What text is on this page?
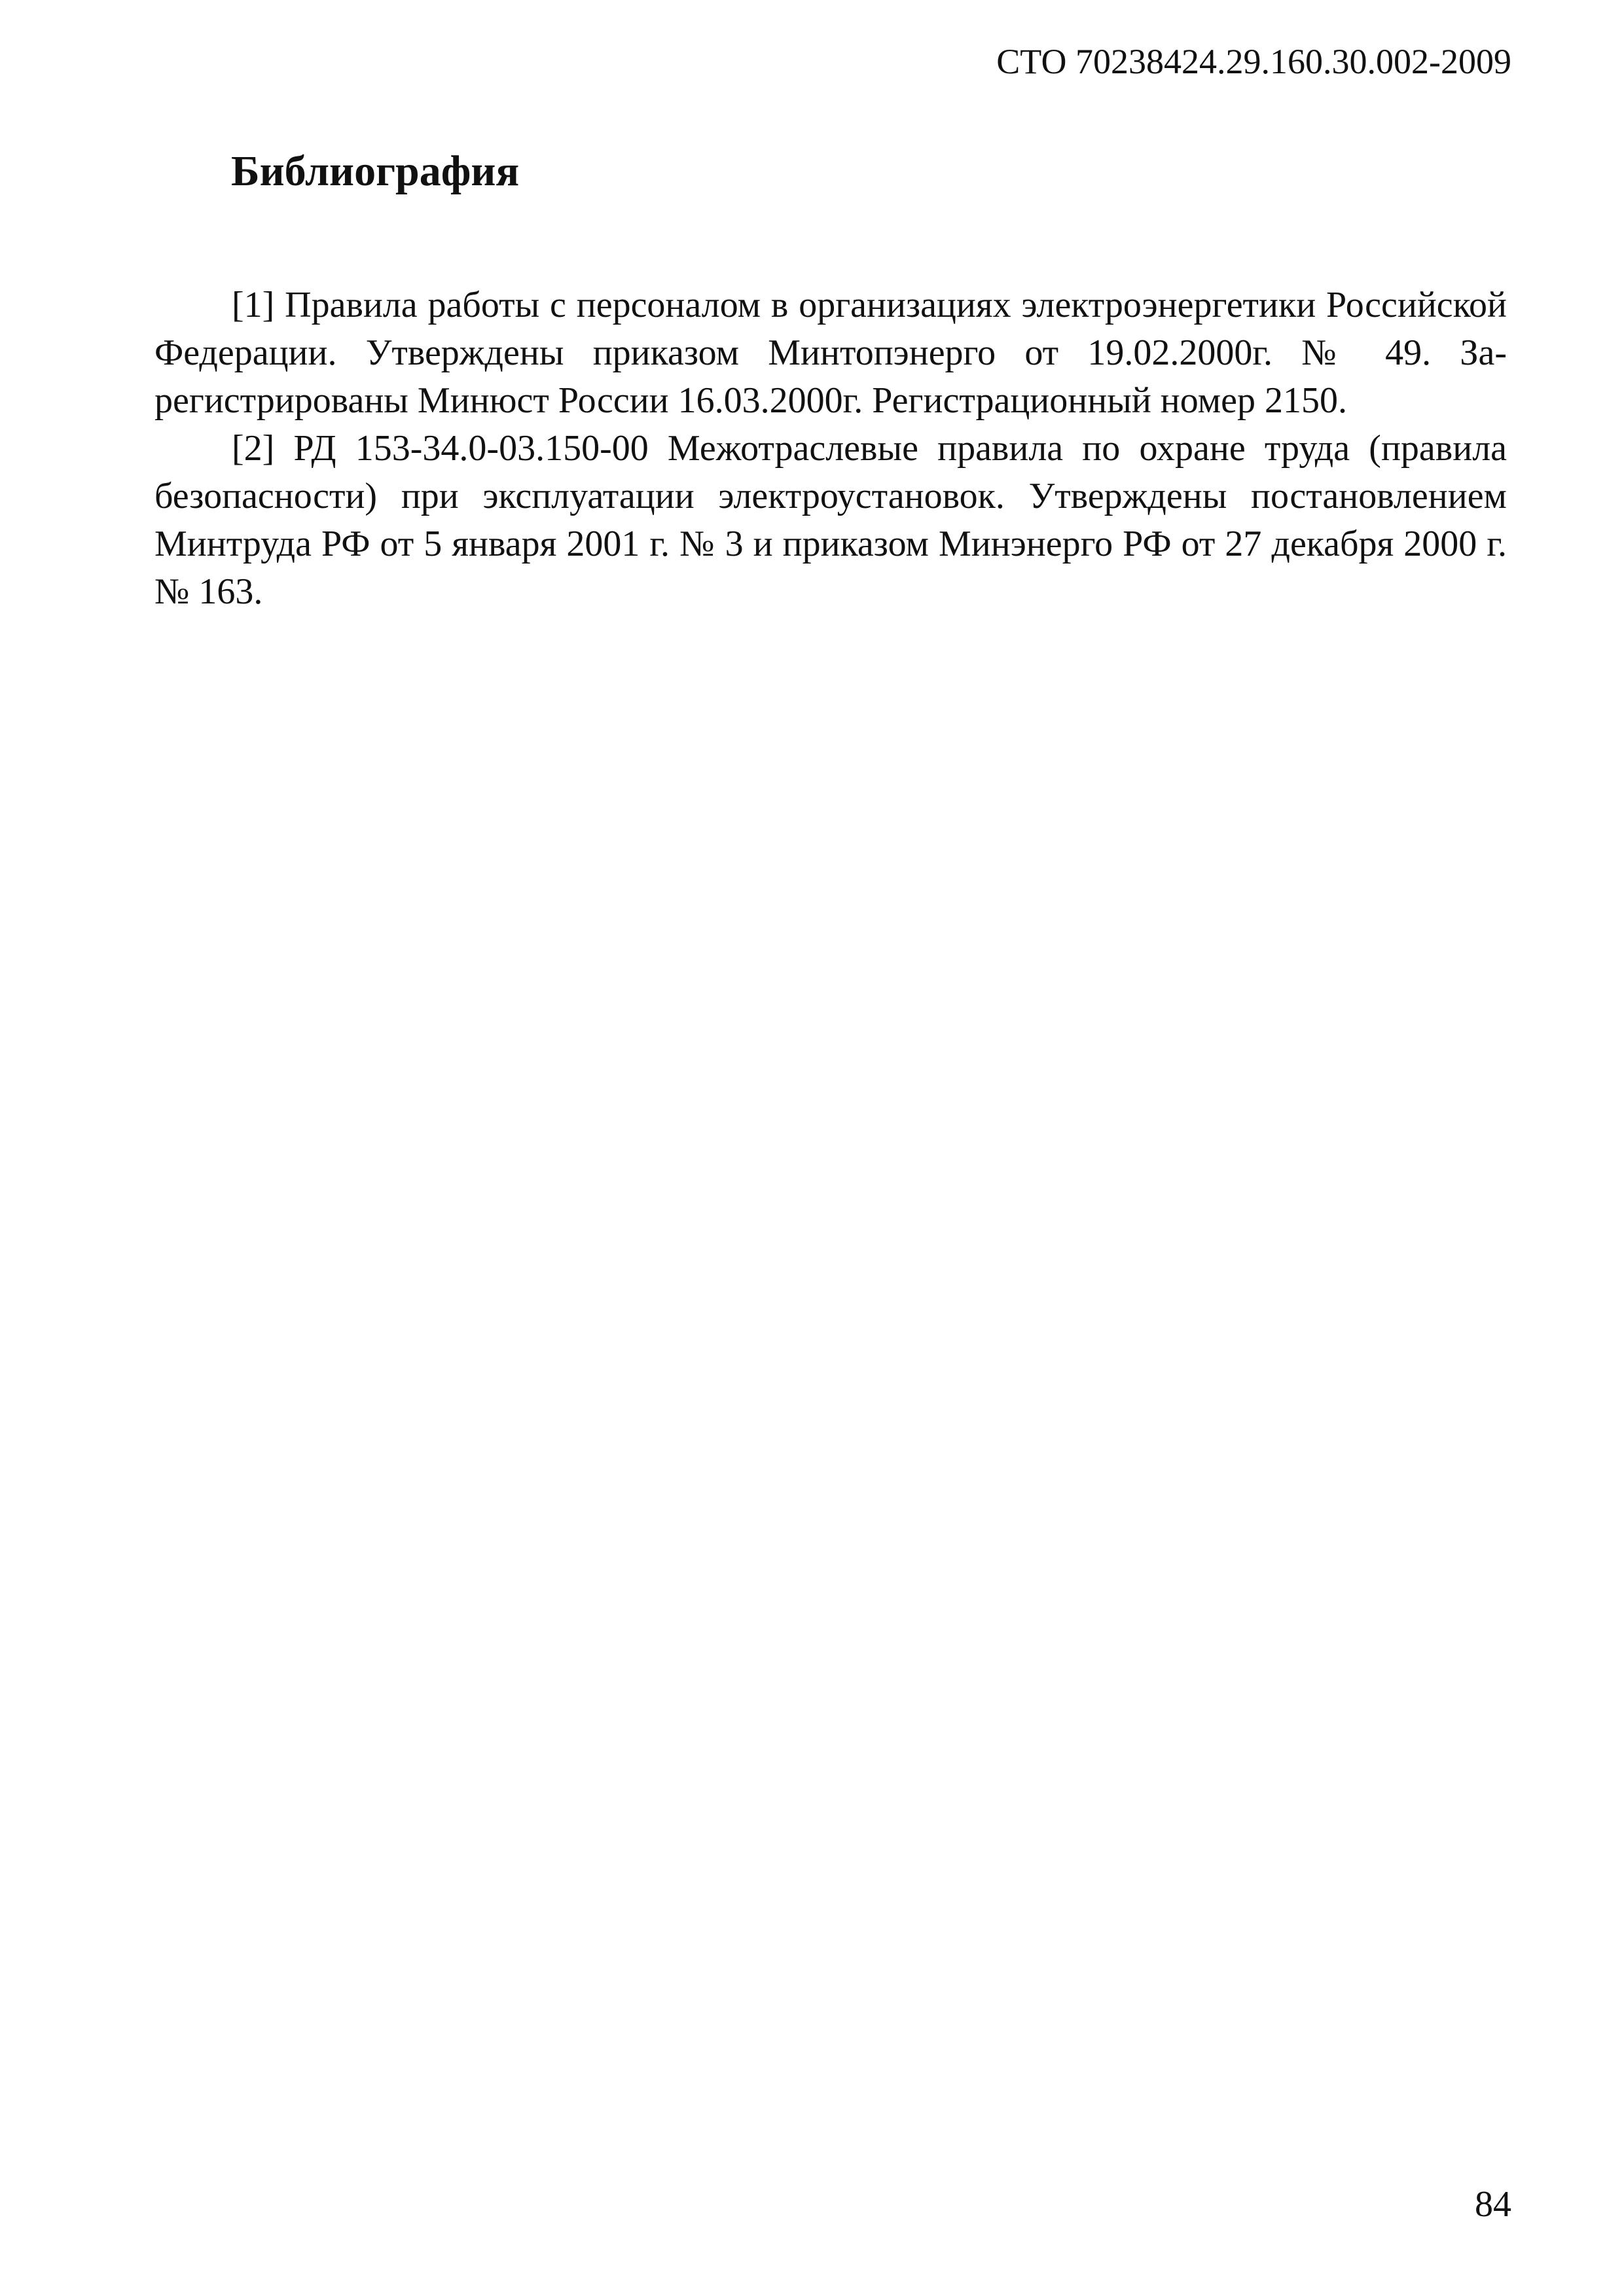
СТО 70238424.29.160.30.002-2009
Библиография

[1] Правила работы с персоналом в организациях электроэнергетики Российской Федерации. Утверждены приказом Минтопэнерго от 19.02.2000г. № 49. Зарегистрированы Минюст России 16.03.2000г. Регистрационный номер 2150.

[2] РД 153-34.0-03.150-00 Межотраслевые правила по охране труда (правила безопасности) при эксплуатации электроустановок. Утверждены постановлением Минтруда РФ от 5 января 2001 г. № 3 и приказом Минэнерго РФ от 27 декабря 2000 г. № 163.

84
